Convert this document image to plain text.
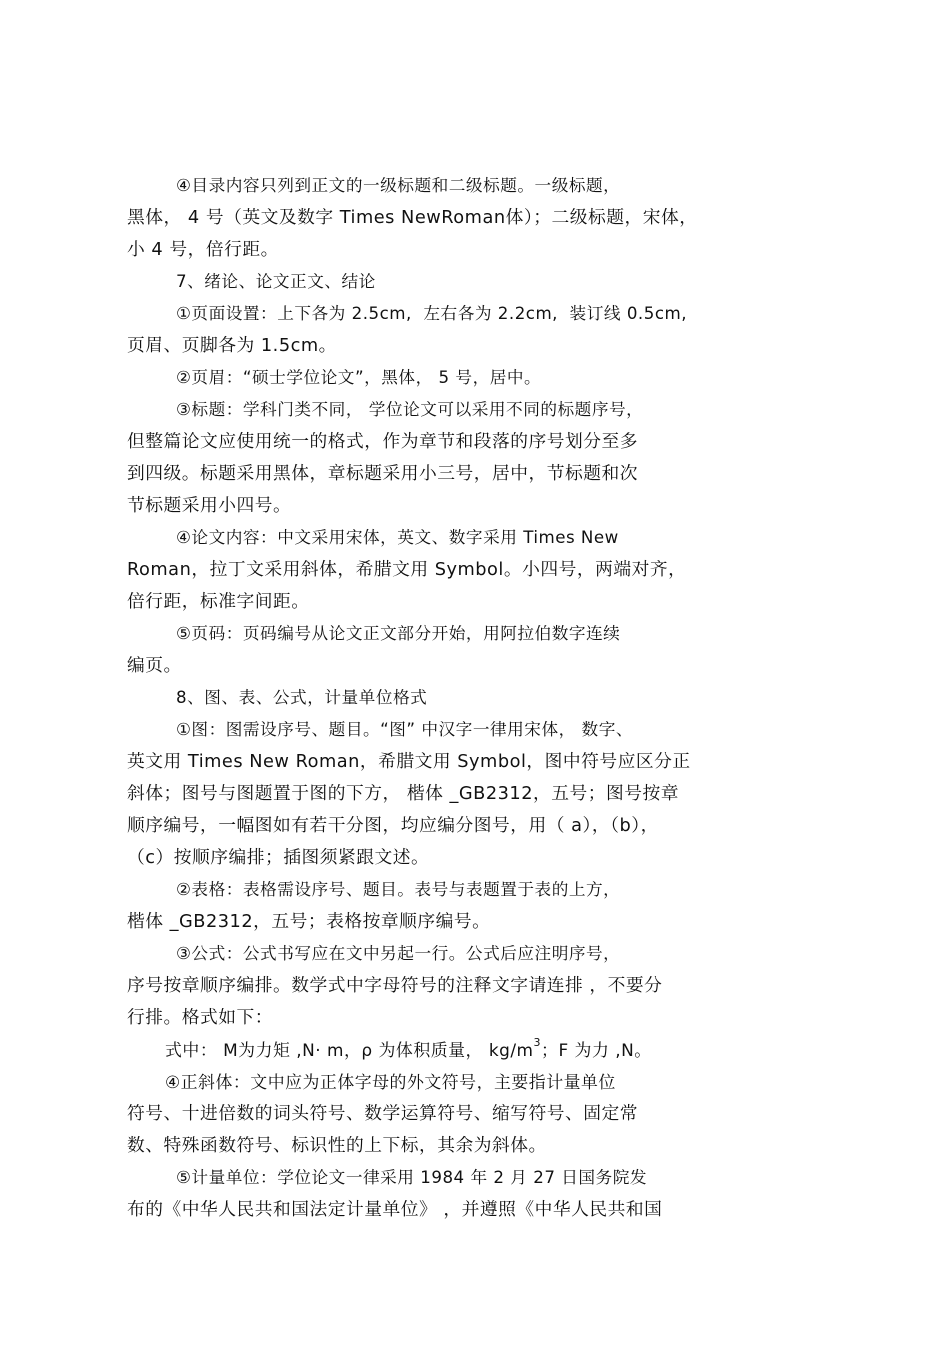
④目录内容只列到正文的一级标题和二级标题。一级标题，
黑体， 4 号（英文及数字 Times NewRoman体）；二级标题，宋体，
小 4 号，倍行距。
7、绪论、论文正文、结论
①页面设置：上下各为 2.5cm,  左右各为 2.2cm,  装订线 0.5cm,
页眉、页脚各为 1.5cm。
②页眉：“硕士学位论文”，黑体， 5 号，居中。
③标题：学科门类不同， 学位论文可以采用不同的标题序号，
但整篇论文应使用统一的格式，作为章节和段落的序号划分至多
到四级。标题采用黑体，章标题采用小三号，居中，节标题和次
节标题采用小四号。
④论文内容：中文采用宋体，英文、数字采用 Times New
Roman，拉丁文采用斜体，希腊文用 Symbol。小四号，两端对齐，
倍行距，标准字间距。
⑤页码：页码编号从论文正文部分开始，用阿拉伯数字连续
编页。
8、图、表、公式，计量单位格式
①图：图需设序号、题目。“图” 中汉字一律用宋体， 数字、
英文用 Times New Roman，希腊文用 Symbol，图中符号应区分正
斜体；图号与图题置于图的下方， 楷体 _GB2312，五号；图号按章
顺序编号，一幅图如有若干分图，均应编分图号，用（ a），（b），
（c）按顺序编排；插图须紧跟文述。
②表格：表格需设序号、题目。表号与表题置于表的上方，
楷体 _GB2312，五号；表格按章顺序编号。
③公式：公式书写应在文中另起一行。公式后应注明序号，
序号按章顺序编排。数学式中字母符号的注释文字请连排 ，不要分
行排。格式如下：
式中： M为力矩 ,N· m，ρ 为体积质量， $kg/m^3$；F 为力 ,N。
④正斜体：文中应为正体字母的外文符号，主要指计量单位
符号、十进倍数的词头符号、数学运算符号、缩写符号、固定常
数、特殊函数符号、标识性的上下标，其余为斜体。
⑤计量单位：学位论文一律采用 1984 年 2 月 27 日国务院发
布的《中华人民共和国法定计量单位》 ，并遵照《中华人民共和国
